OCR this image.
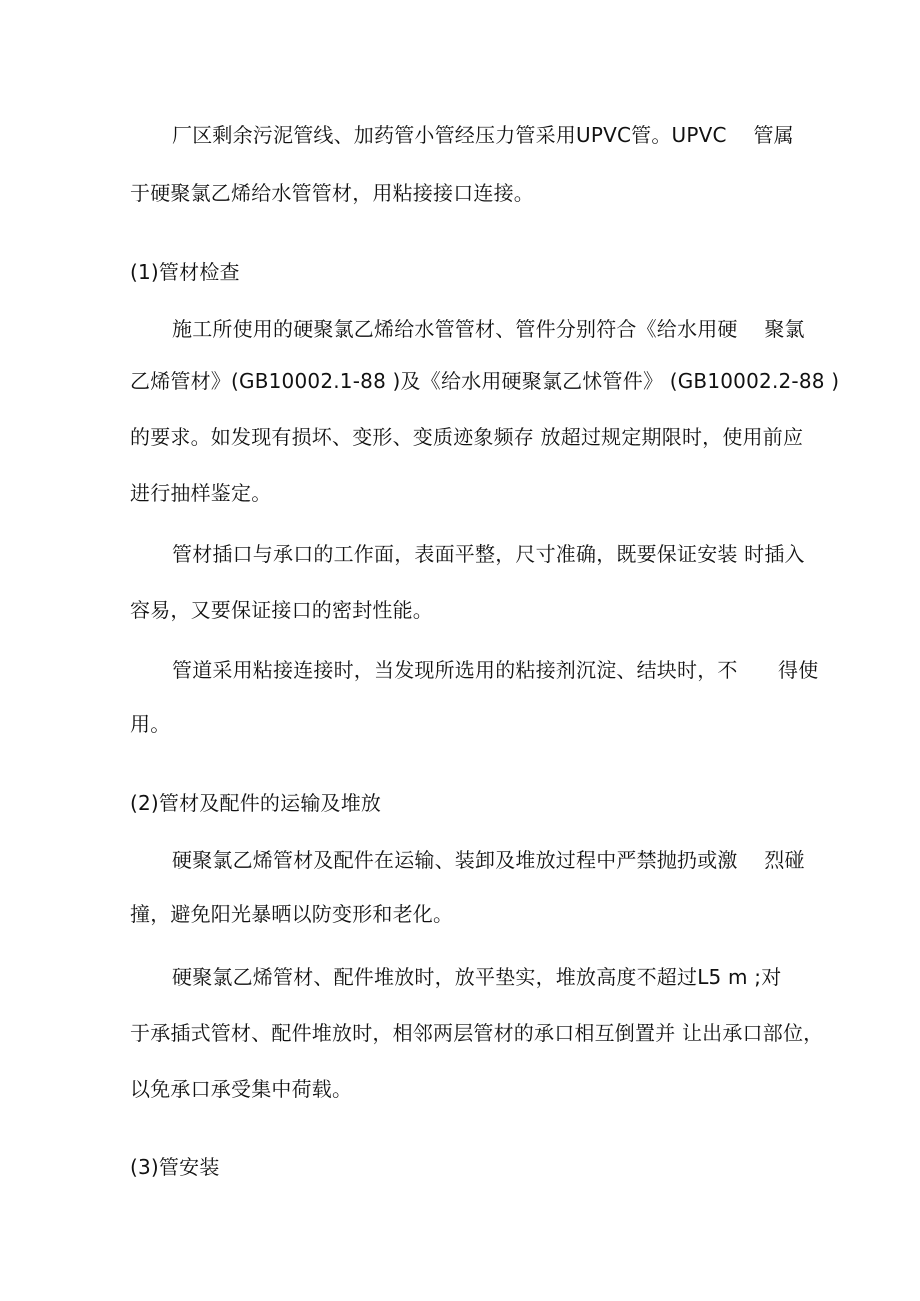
厂区剩余污泥管线、加药管小管经压力管采用UPVC管。UPVC　 管属
于硬聚氯乙烯给水管管材，用粘接接口连接。
(1)管材检查
施工所使用的硬聚氯乙烯给水管管材、管件分别符合《给水用硬　 聚氯
乙烯管材》(GB10002.1-88 )及《给水用硬聚氯乙怵管件》 (GB10002.2-88 )
的要求。如发现有损坏、变形、变质迹象频存 放超过规定期限时，使用前应
进行抽样鉴定。
管材插口与承口的工作面，表面平整，尺寸准确，既要保证安装 时插入
容易，又要保证接口的密封性能。
管道采用粘接连接时，当发现所选用的粘接剂沉淀、结块时，不　　得使
用。
(2)管材及配件的运输及堆放
硬聚氯乙烯管材及配件在运输、装卸及堆放过程中严禁抛扔或激　 烈碰
撞，避免阳光暴晒以防变形和老化。
硬聚氯乙烯管材、配件堆放时，放平垫实，堆放高度不超过L5 m ;对
于承插式管材、配件堆放时，相邻两层管材的承口相互倒置并 让出承口部位，
以免承口承受集中荷载。
(3)管安装
